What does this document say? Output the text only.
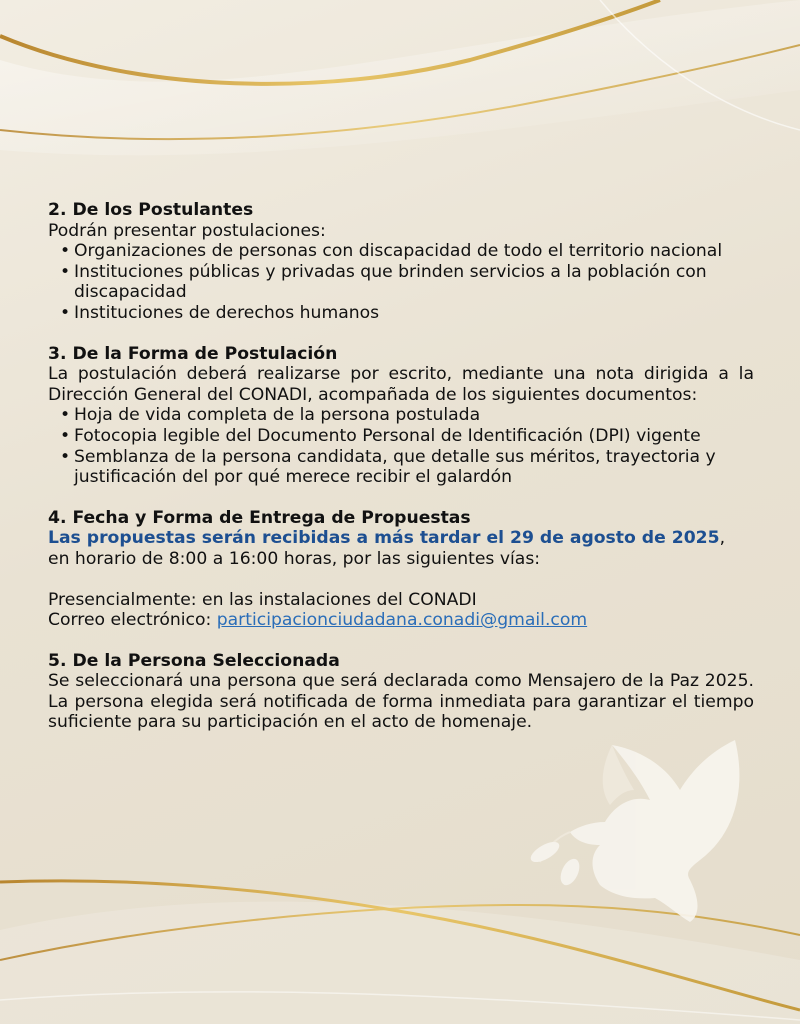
2. De los Postulantes

Podrán presentar postulaciones:

• Organizaciones de personas con discapacidad de todo el territorio nacional
• Instituciones públicas y privadas que brinden servicios a la población con discapacidad
• Instituciones de derechos humanos
3. De la Forma de Postulación

La postulación deberá realizarse por escrito, mediante una nota dirigida a la Dirección General del CONADI, acompañada de los siguientes documentos:

• Hoja de vida completa de la persona postulada
• Fotocopia legible del Documento Personal de Identificación (DPI) vigente
• Semblanza de la persona candidata, que detalle sus méritos, trayectoria y justificación del por qué merece recibir el galardón
4. Fecha y Forma de Entrega de Propuestas

Las propuestas serán recibidas a más tardar el 29 de agosto de 2025,

en horario de 8:00 a 16:00 horas, por las siguientes vías:

Presencialmente: en las instalaciones del CONADI

Correo electrónico: participacionciudadana.conadi@gmail.com

5. De la Persona Seleccionada

Se seleccionará una persona que será declarada como Mensajero de la Paz 2025. La persona elegida será notificada de forma inmediata para garantizar el tiempo suficiente para su participación en el acto de homenaje.
